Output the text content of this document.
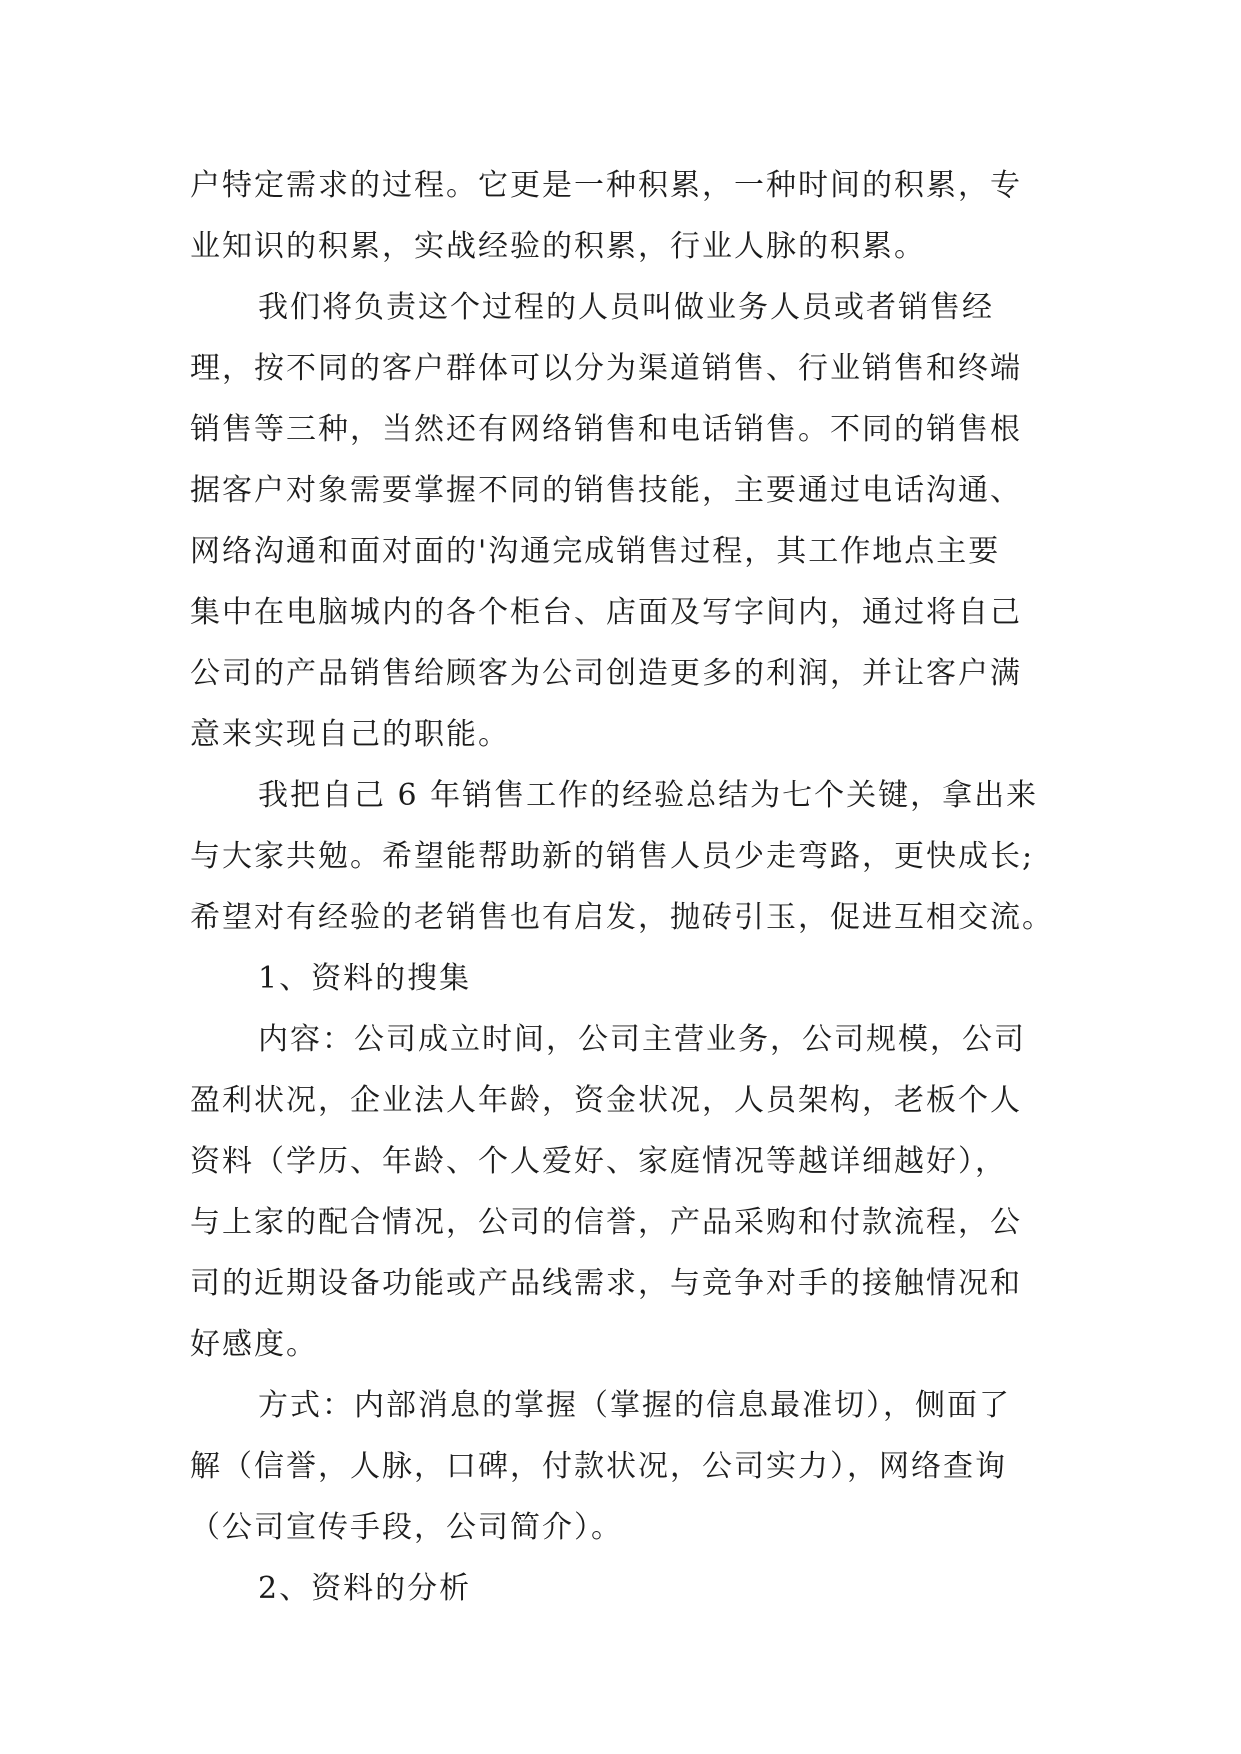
户特定需求的过程。它更是一种积累，一种时间的积累，专
业知识的积累，实战经验的积累，行业人脉的积累。
我们将负责这个过程的人员叫做业务人员或者销售经
理，按不同的客户群体可以分为渠道销售、行业销售和终端
销售等三种，当然还有网络销售和电话销售。不同的销售根
据客户对象需要掌握不同的销售技能，主要通过电话沟通、
网络沟通和面对面的'沟通完成销售过程，其工作地点主要
集中在电脑城内的各个柜台、店面及写字间内，通过将自己
公司的产品销售给顾客为公司创造更多的利润，并让客户满
意来实现自己的职能。
我把自己 6 年销售工作的经验总结为七个关键，拿出来
与大家共勉。希望能帮助新的销售人员少走弯路，更快成长;
希望对有经验的老销售也有启发，抛砖引玉，促进互相交流。
1、资料的搜集
内容：公司成立时间，公司主营业务，公司规模，公司
盈利状况，企业法人年龄，资金状况，人员架构，老板个人
资料（学历、年龄、个人爱好、家庭情况等越详细越好），
与上家的配合情况，公司的信誉，产品采购和付款流程，公
司的近期设备功能或产品线需求，与竞争对手的接触情况和
好感度。
方式：内部消息的掌握（掌握的信息最准切），侧面了
解（信誉，人脉，口碑，付款状况，公司实力），网络查询
（公司宣传手段，公司简介）。
2、资料的分析
